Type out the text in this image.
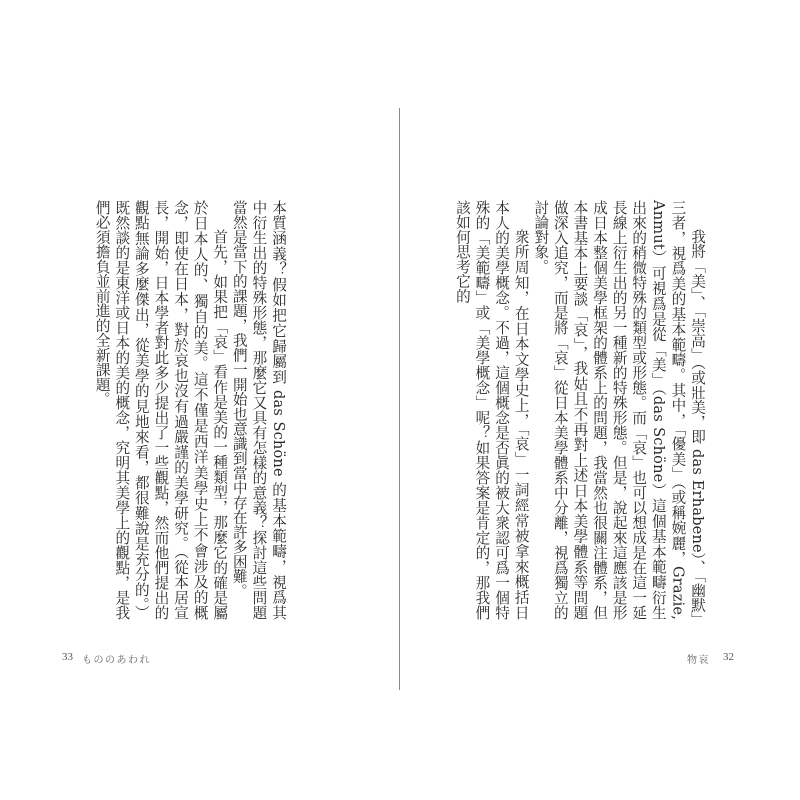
本質涵義？假如把它歸屬到 das Schöne 的基本範疇，視爲其中衍生出的特殊形態，那麼它又具有怎樣的意義？探討這些問題當然是當下的課題，我們一開始也意識到當中存在許多困難。

首先，如果把「哀」看作是美的一種類型，那麼它的確是屬於日本人的、獨自的美。這不僅是西洋美學史上不會涉及的概念，即使在日本，對於哀也沒有過嚴謹的美學研究。（從本居宣長，開始，日本學者對此多少提出了一些觀點，然而他們提出的觀點無論多麼傑出，從美學的見地來看，都很難說是充分的。）既然談的是東洋或日本的美的概念，究明其美學上的觀點，是我們必須擔負並前進的全新課題。

33 もののあわれ

我將「美」、「崇高」（或壯美，即 das Erhabene）、「幽默」三者，視爲美的基本範疇。其中，「優美」（或稱婉麗，Grazie, Anmut）可視爲是從「美」（das Schöne）這個基本範疇衍生出來的稍微特殊的類型或形態。而「哀」也可以想成是在這一延長線上衍生出的另一種新的特殊形態。但是，說起來這應該是形成日本整個美學框架的體系上的問題，我當然也很關注體系，但本書基本上要談「哀」，我姑且不再對上述日本美學體系等問題做深入追究，而是將「哀」從日本美學體系中分離，視爲獨立的討論對象。

衆所周知，在日本文學史上，「哀」一詞經常被拿來概括日本人的美學概念。不過，這個概念是否眞的被大衆認可爲一個特殊的「美範疇」或「美學概念」呢？如果答案是肯定的，那我們該如何思考它的

物哀 32
